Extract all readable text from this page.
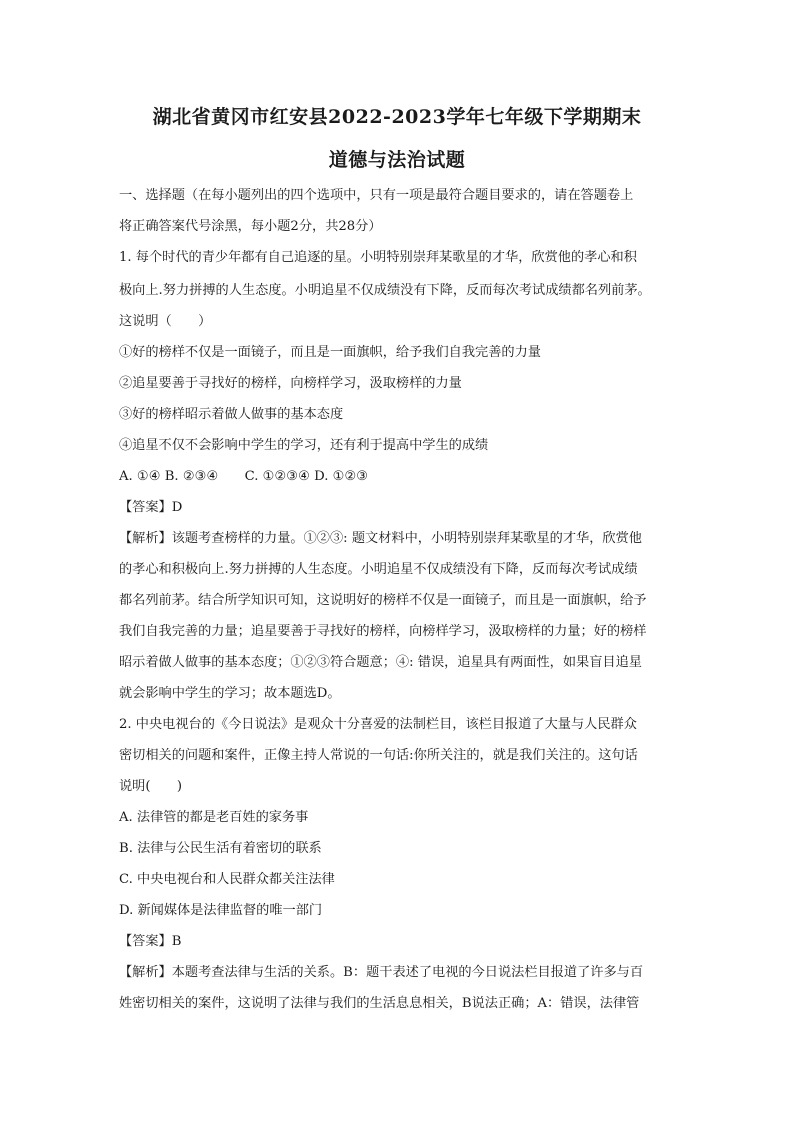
湖北省黄冈市红安县2022-2023学年七年级下学期期末
道德与法治试题
一、选择题（在每小题列出的四个选项中，只有一项是最符合题目要求的，请在答题卷上
将正确答案代号涂黑，每小题2分，共28分）
1. 每个时代的青少年都有自己追逐的星。小明特别崇拜某歌星的才华，欣赏他的孝心和积
极向上.努力拼搏的人生态度。小明追星不仅成绩没有下降，反而每次考试成绩都名列前茅。
这说明（　　）
①好的榜样不仅是一面镜子，而且是一面旗帜，给予我们自我完善的力量
②追星要善于寻找好的榜样，向榜样学习，汲取榜样的力量
③好的榜样昭示着做人做事的基本态度
④追星不仅不会影响中学生的学习，还有利于提高中学生的成绩
A. ①④ B. ②③④　　C. ①②③④ D. ①②③
【答案】D
【解析】该题考查榜样的力量。①②③: 题文材料中，小明特别崇拜某歌星的才华，欣赏他
的孝心和积极向上.努力拼搏的人生态度。小明追星不仅成绩没有下降，反而每次考试成绩
都名列前茅。结合所学知识可知，这说明好的榜样不仅是一面镜子，而且是一面旗帜，给予
我们自我完善的力量；追星要善于寻找好的榜样，向榜样学习，汲取榜样的力量；好的榜样
昭示着做人做事的基本态度；①②③符合题意；④: 错误，追星具有两面性，如果盲目追星
就会影响中学生的学习；故本题选D。
2. 中央电视台的《今日说法》是观众十分喜爱的法制栏目，该栏目报道了大量与人民群众
密切相关的问题和案件，正像主持人常说的一句话:你所关注的，就是我们关注的。这句话
说明(　　)
A. 法律管的都是老百姓的家务事
B. 法律与公民生活有着密切的联系
C. 中央电视台和人民群众都关注法律
D. 新闻媒体是法律监督的唯一部门
【答案】B
【解析】本题考查法律与生活的关系。B：题干表述了电视的今日说法栏目报道了许多与百
姓密切相关的案件，这说明了法律与我们的生活息息相关，B说法正确；A：错误，法律管
